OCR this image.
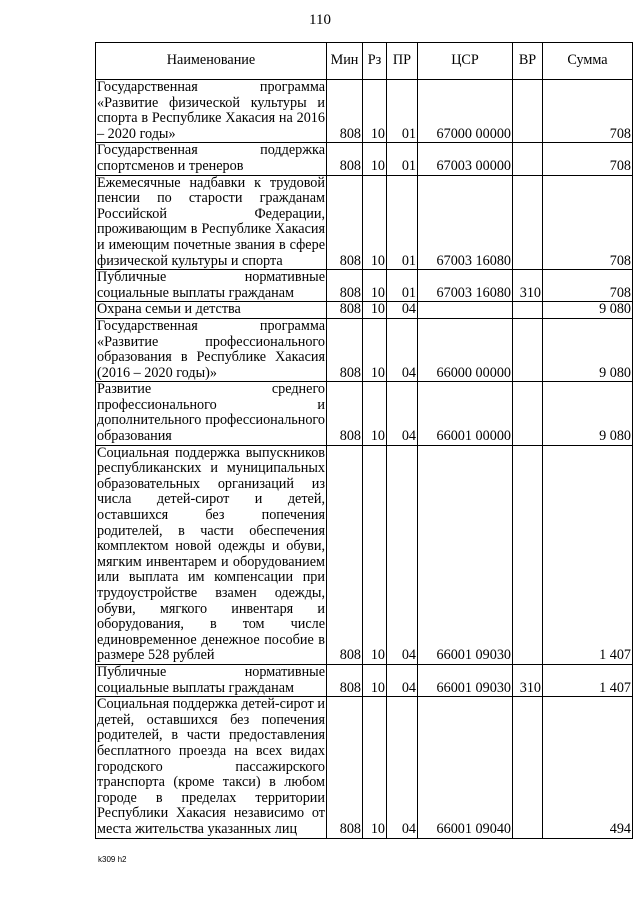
110
Наименование	Мин	Рз	ПР	ЦСР	ВР	Сумма
Государственная программа «Развитие физической культуры и спорта в Республике Хакасия на 2016 – 2020 годы»	808	10	01	67000 00000		708
Государственная поддержка спортсменов и тренеров	808	10	01	67003 00000		708
Ежемесячные надбавки к трудовой пенсии по старости гражданам Российской Федерации, проживающим в Республике Хакасия и имеющим почетные звания в сфере физической культуры и спорта	808	10	01	67003 16080		708
Публичные нормативные социальные выплаты гражданам	808	10	01	67003 16080	310	708
Охрана семьи и детства	808	10	04			9 080
Государственная программа «Развитие профессионального образования в Республике Хакасия (2016 – 2020 годы)»	808	10	04	66000 00000		9 080
Развитие среднего профессионального и дополнительного профессионального образования	808	10	04	66001 00000		9 080
Социальная поддержка выпускников республиканских и муниципальных образовательных организаций из числа детей-сирот и детей, оставшихся без попечения родителей, в части обеспечения комплектом новой одежды и обуви, мягким инвентарем и оборудованием или выплата им компенсации при трудоустройстве взамен одежды, обуви, мягкого инвентаря и оборудования, в том числе единовременное денежное пособие в размере 528 рублей	808	10	04	66001 09030		1 407
Публичные нормативные социальные выплаты гражданам	808	10	04	66001 09030	310	1 407
Социальная поддержка детей-сирот и детей, оставшихся без попечения родителей, в части предоставления бесплатного проезда на всех видах городского пассажирского транспорта (кроме такси) в любом городе в пределах территории Республики Хакасия независимо от места жительства указанных лиц	808	10	04	66001 09040		494
k309 h2
